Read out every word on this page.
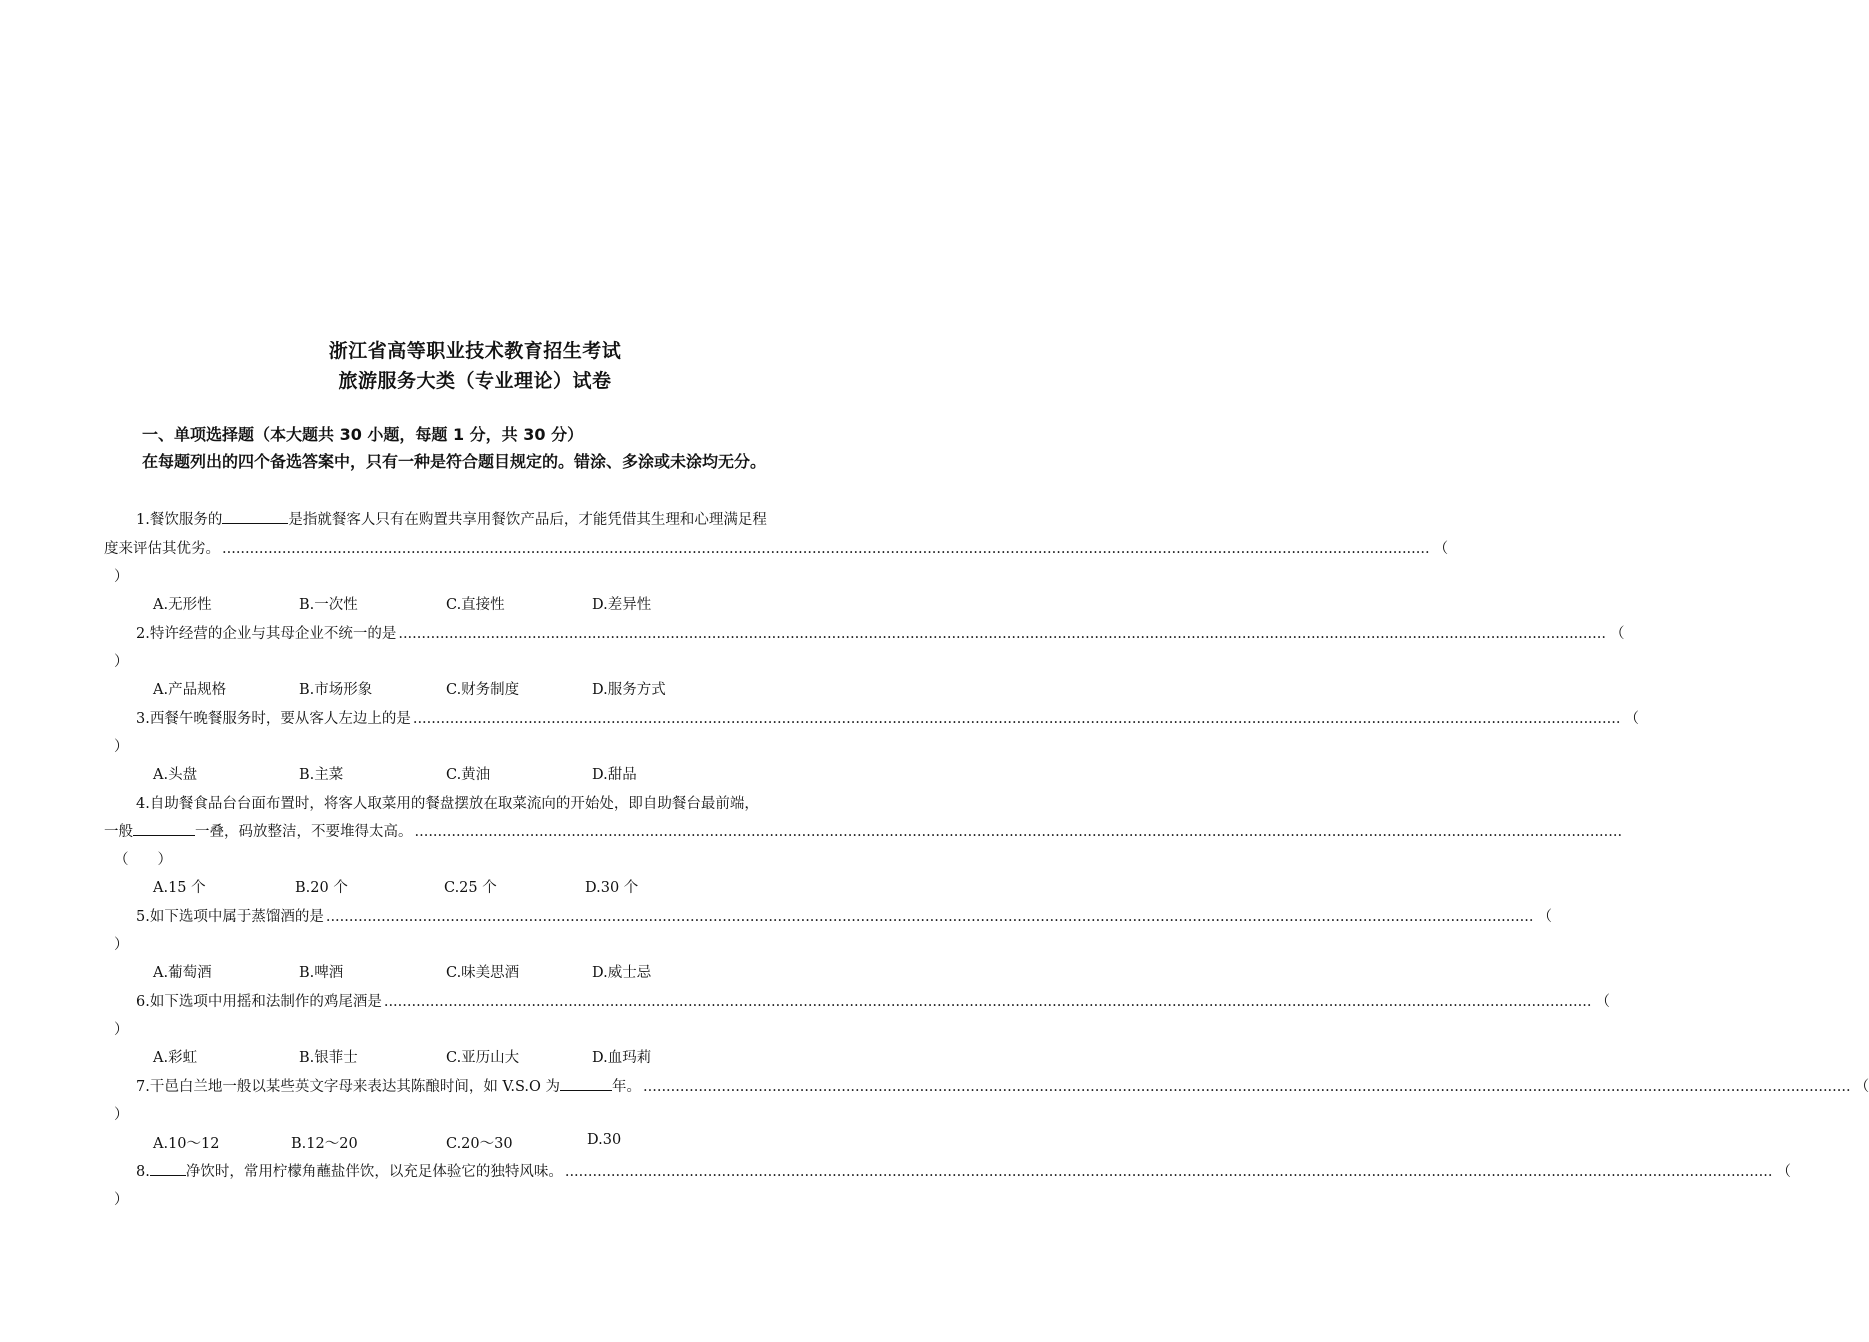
浙江省高等职业技术教育招生考试
旅游服务大类（专业理论）试卷
一、单项选择题（本大题共 30 小题，每题 1 分，共 30 分）
在每题列出的四个备选答案中，只有一种是符合题目规定的。错涂、多涂或未涂均无分。
1.餐饮服务的	是指就餐客人只有在购置共享用餐饮产品后，才能凭借其生理和心理满足程
度来评估其优劣。 ...................................................................................................................................................................................................................................................................... （
）
A.无形性	B.一次性	C.直接性	D.差异性
2.特许经营的企业与其母企业不统一的是 ...................................................................................................................................................................................................................................................................... （
）
A.产品规格	B.市场形象	C.财务制度	D.服务方式
3.西餐午晚餐服务时，要从客人左边上的是 ...................................................................................................................................................................................................................................................................... （
）
A.头盘	B.主菜	C.黄油	D.甜品
4.自助餐食品台台面布置时，将客人取菜用的餐盘摆放在取菜流向的开始处，即自助餐台最前端，
一般	一叠，码放整洁，不要堆得太高。 ......................................................................................................................................................................................................................................................................
（　　）
A.15 个	B.20 个	C.25 个	D.30 个
5.如下选项中属于蒸馏酒的是 ...................................................................................................................................................................................................................................................................... （
）
A.葡萄酒	B.啤酒	C.味美思酒	D.威士忌
6.如下选项中用摇和法制作的鸡尾酒是 ...................................................................................................................................................................................................................................................................... （
）
A.彩虹	B.银菲士	C.亚历山大	D.血玛莉
7.干邑白兰地一般以某些英文字母来表达其陈酿时间，如 V.S.O 为	年。 ...................................................................................................................................................................................................................................................................... （
）
A.10～12	B.12～20	C.20～30	D.30
8. 净饮时，常用柠檬角蘸盐伴饮，以充足体验它的独特风味。 ...................................................................................................................................................................................................................................................................... （
）
